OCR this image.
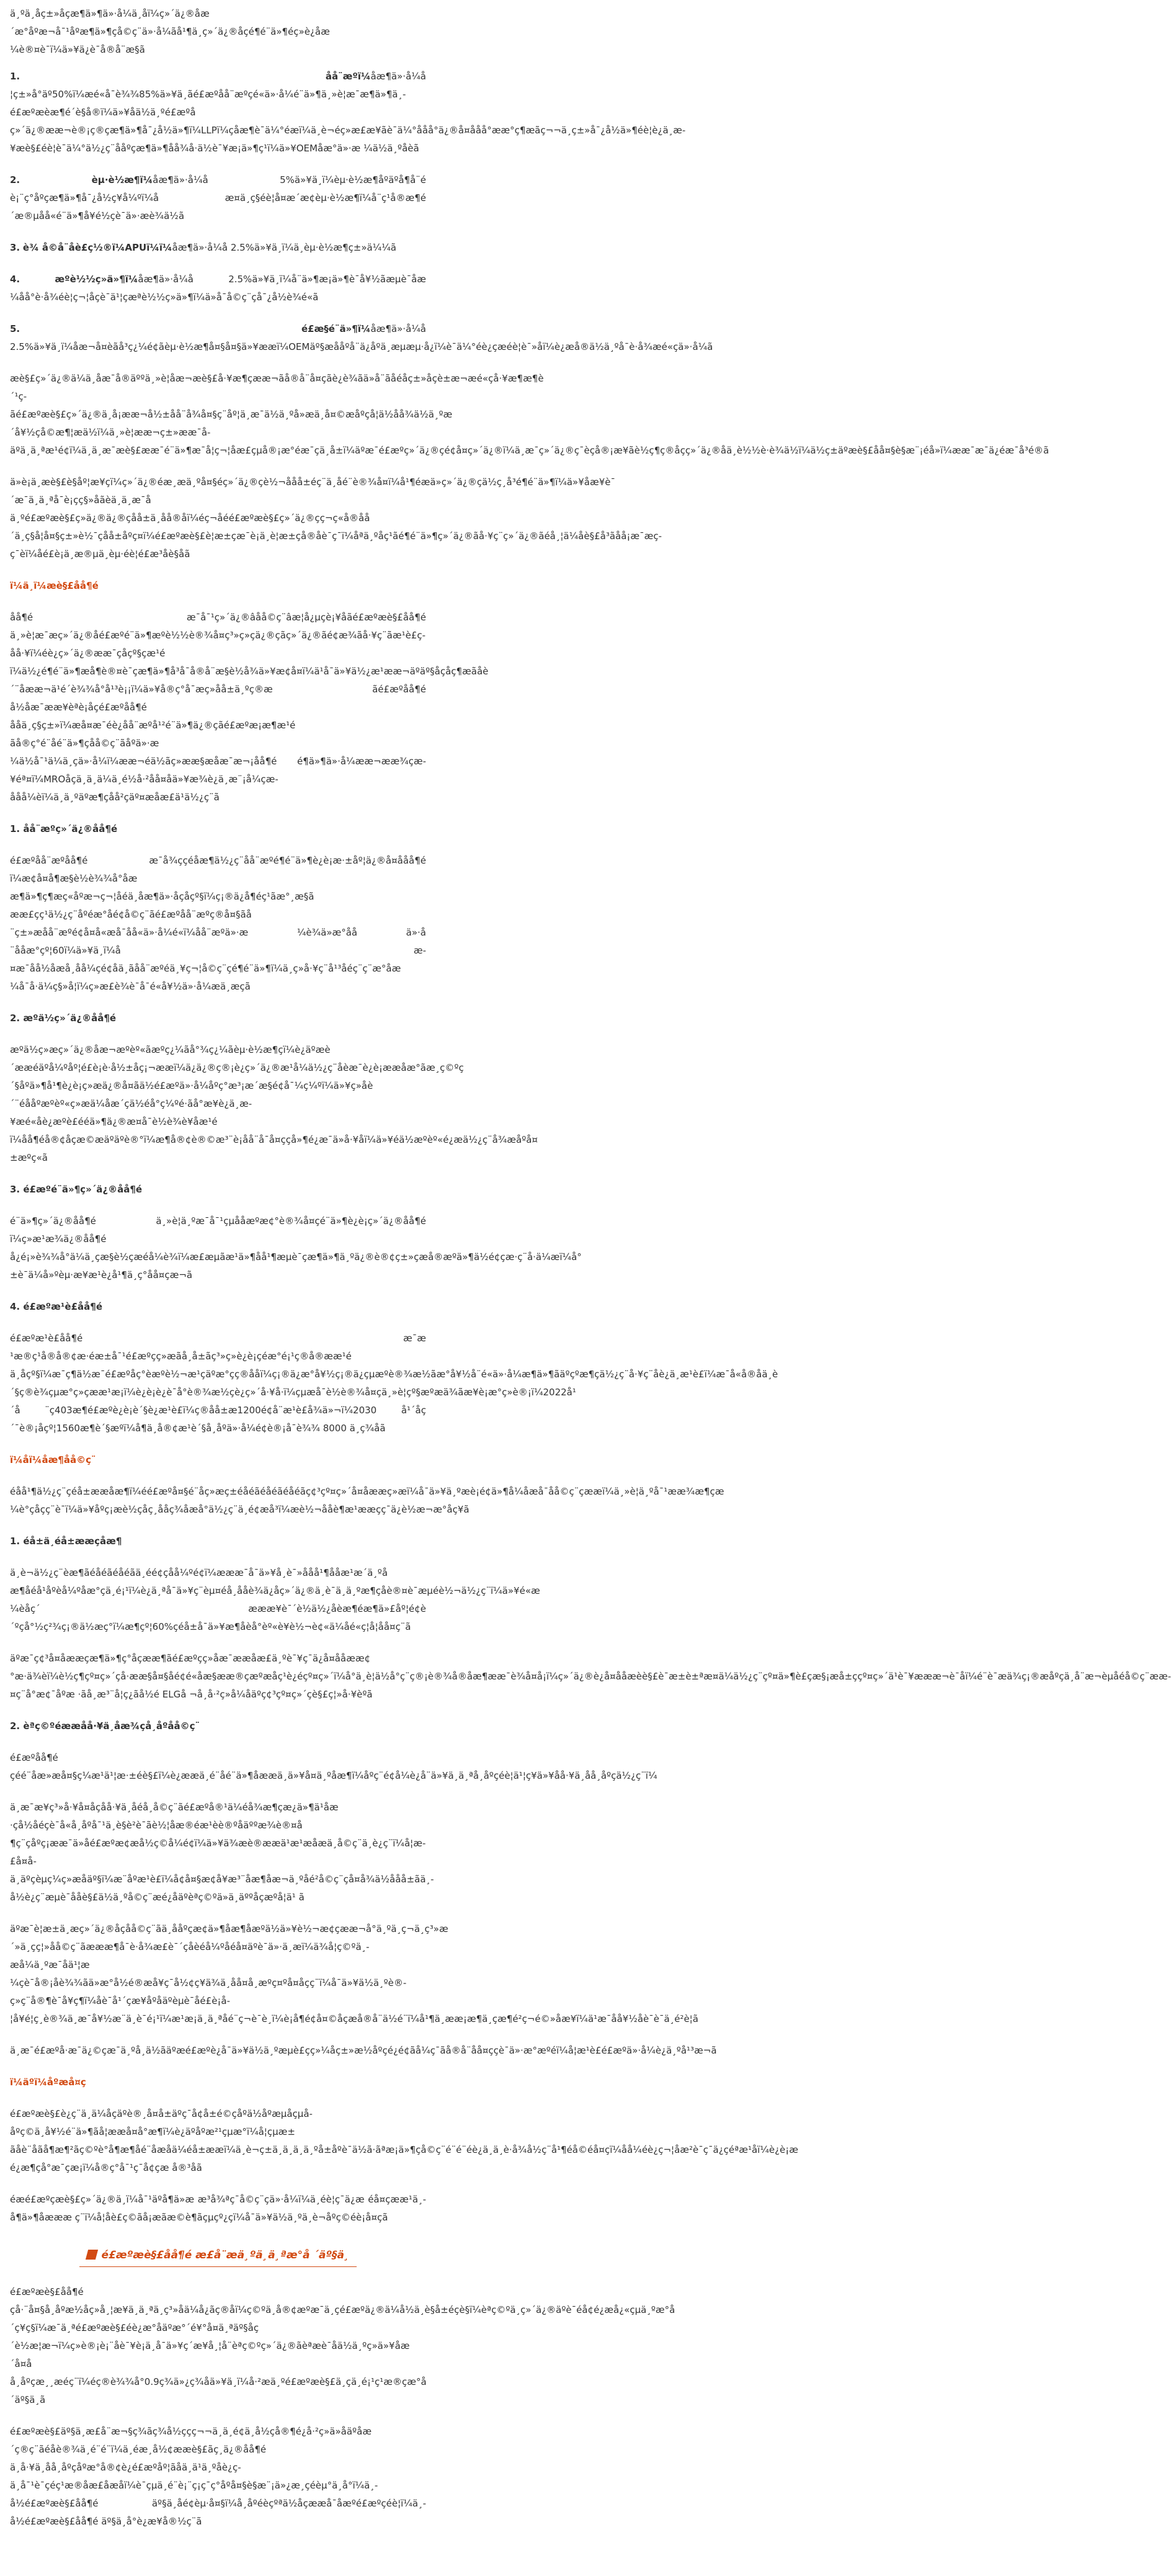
ä¸ºä¸åç±»åçæ¶ä»¶ä»·å¼ä¸åï¼ç»´ä¿®åæ´æ°åºæ¬å¯¹åºæ¶ä»¶çå©ç¨ä»·å¼ãå¹¶ä¸ç»´ä¿®åçé¶é¨ä»¶éç»è¿åæ ¼è®¤è¯ï¼ä»¥ä¿è¯å®å¨æ§ã

1.	åå¨æºï¼åæ¶ä»·å¼å ¦ç±»å°äº50%ï¼æé«å¯è¾¾85%ä»¥ä¸ãé£æºåå¨æºçé«ä»·å¼é¨ä»¶ä¸»è¦æ¯æ¶ä»¶ä¸é£æºæèæ¶é´è§å®ï¼ä»¥åä½ä¸ºé£æºå ç»´ä¿®ææ¬è®¡ç®çæ¶ä»¶å¯¿å½ä»¶ï¼LLPï¼çåæ¶è¯ä¼°éæï¼ä¸è¬éç»æ£æ¥ãè¯ä¼°ååå°ä¿®å¤ååå°ææ°ç¶æãç¬¬ä¸ç±»å¯¿å½ä»¶éè¦è¿ä¸æ¥æè§£éè¦è¯ä¼°ä½¿ç¨ååºçæ¶ä»¶åå¾å·ä½è¯¥æ¡ä»¶ç¹ï¼ä»¥OEMåæ°ä»·æ ¼ä½ä¸ºåèã

2.	èµ·è½æ¶ï¼åæ¶ä»·å¼å 5%ä»¥ä¸ï¼èµ·è½æ¶åºäºå¶å¨é è¡¨ç°åºçæ¶ä»¶å¯¿å½ç¥å¼ºï¼å æ¤ä¸ç§éè¦å¤æ´æ¢èµ·è½æ¶ï¼å¨ç¹å®æ¶é´æ®µåå«é¨ä»¶å¥é½çè¯ä»·æè¾ä½ã

3. è¾ å©å¨åè£ç½®ï¼APUï¼ï¼åæ¶ä»·å¼å 2.5%ä»¥ä¸ï¼ä¸èµ·è½æ¶ç±»ä¼¼ã

4.	æºè½½ç»ä»¶ï¼åæ¶ä»·å¼å 2.5%ä»¥ä¸ï¼å¨ä»¶æ¡ä»¶è¯å¥½ãæµè¯åæ ¼åå°è·å¾éè¦ç¬¦åçè¯ä¹¦çæªè½½ç»ä»¶ï¼ä»å¯å©ç¨çå¯¿å½è¾é«ã

5.	é£æ§é¨ä»¶ï¼åæ¶ä»·å¼å 2.5%ä»¥ä¸ï¼åæ¬å¤èãå³ç¿¼é¢ãèµ·è½æ¶å¤§å¤§ä»¥ææï¼OEMäº§æååºå¨ä¿åºä¸æµæµ·å¿ï¼è¯ä¼°éè¿çæéè¦è¯»åï¼è¿æå®ä½ä¸ºå¯è·å¾æé«çä»·å¼ã

æè§£ç»´ä¿®ä¼ä¸åæ¯å®äººä¸»è¦åæ¬æè§£å·¥æ¶çææ¬ãå®å¨å¤çãè¿è¾ãä»å¨ãåéåç±»åçè±æ¬æé«çå·¥æ¶æ¶è´¹çãé£æºæè§£ç»´ä¿®ä¸å¡ææ¬å½±åå¨å¾å¤§ç¨åº¦ä¸æ¯ä½ä¸ºå»æä¸å¤©æåºçå¦ä½åå¾ä½ä¸ºæ´å¥½çå©æ¶¦æä½ï¼ä¸»è¦ææ¬ç±»ææ¯åäºä¸ä¸ªæ¹é¢ï¼ä¸ä¸æ¯æè§£ææ¯é¨ä»¶æ¯å¦ç¬¦åæ£çµå®¡æ°éæ¯çä¸å±ï¼äºæ¯é£æºç»´ä¿®çé¢å¤ç»´ä¿®ï¼ä¸æ¯ç»´ä¿®ç¯èçå®¡æ¥ãè½ç¶ç®åçç»´ä¿®åä¸è½½è·è¾ä½ï¼ä½ç±äºæè§£åå¤§è§æ¨¡éå»ï¼ææ¯æ¯ä¿éæ¯å³é®ã

ä»è¡ä¸æè§£è§åº¦æ¥çï¼ç»´ä¿®éæ¸æä¸ºå¤§éç»´ä¿®çè½¬ååå±éç¨ä¸åé¨è®¾å¤ï¼å¹¶éæä»ç»´ä¿®çä½ç¸å³é¶é¨ä»¶ï¼ä»¥åæ¥è¯´æ¯ä¸ä¸ªå¯è¡çç§»åãèä¸ä¸æ¯å ä¸ºé£æºæè§£ç»ä¿®ä¿®çåå±ä¸åå®åï¼éç¬åéé£æºæè§£ç»´ä¿®çç¬ç«å®åå´ä¸ç§å¦å¤§ç±»è½¯çåå±åºç¤ï¼é£æºæè§£è¦æ±çæ¯è¡ä¸è¦æ±çå®åè¯ç¯ï¼åªä¸ºåç¹ãé¶é¨ä»¶ç»´ä¿®ãå·¥ç¨ç»´ä¿®ãéå¸¦ä¼åè§£å³ãåå¡æ¯æçç¯èï¼åé£è¡ä¸æ®µä¸èµ·éè¦é£æ³åè§åã

ï¼ä¸ï¼æè§£åå¶é

åå¶é æ¯å¯¹ç»´ä¿®âåå©ç¨âæ¦å¿µçè¡¥åãé£æºæè§£åå¶é ä¸»è¦æ¯æç»´ä¿®åé£æºé¨ä»¶æºè½½è®¾å¤ç³»ç»çä¿®çãç»´ä¿®ãé¢æ¾ãå·¥ç¨ãæ¹è£çåå·¥ï¼éè¿ç»´ä¿®ææ¯çåçº§çæ¹é ï¼ä½¿é¶é¨ä»¶æå¶è®¤è¯çæ¶ä»¶å³å¯å®å¨æ§è½å¾ä»¥æ¢å¤ï¼ä¹å¯ä»¥ä½¿æ¹ææ¬äºäº§åçåç¶æãåè´¨åææ¬ä¹é´è¾¾å°å¹³è¡¡ï¼ä»¥å®ç°å¯æç»åå±ä¸ºç®æ ãé£æºåå¶é å½åæ¯ææ¥èªè¡åçé£æºåå¶é ååä¸ç§ç±»ï¼æå¤æ¯éè¿åå¨æºå¹²é¨ä»¶ä¿®çãé£æºæ¡æ¶æ¹é ãå®ç°é¨åé¨ä»¶çåå©ç¨ãåºä»·æ ¼ä½å¯¹ä¼ä¸çä»·å¼ï¼ææ¬éä½ãç»ææ§æåæ¯æ¬¡åå¶é é¶ä»¶ä»·å¼ææ¬ææ¾çæ¥éª¤ï¼MROåçä¸ä¸ä¼ä¸é½å·²åå¤åä»¥æ¾è¿ä¸æ¨¡å¼çæååå¼èï¼ä¸ä¸ºäºæ¶çåå²çäº¤æåæ£ä¹ä½¿ç¨ã

1. åå¨æºç»´ä¿®åå¶é

é£æºåå¨æºåå¶é æ¯å¾ççéåæ¶ä½¿ç¨åå¨æºé¶é¨ä»¶è¿è¡æ·±åº¦ä¿®å¤ååå¶é ï¼æ¢å¤å¶æ§è½è¾¾å°åæ æ¶ä»¶ç¶æç«åºæ¬ç¬¦åéä¸åæ¶ä»·åçåçº§ï¼ç¡®ä¿å¶éç¹ãæ°¸æ§ã ææ£çç¹ä½¿ç¨åºéæ°åé¢å©ç¨ãé£æºåå¨æºç®å¤§ãå ¨ç±»æåå¨æºé¢å¤å«æå¯åå«ä»·å¼é«ï¼åå¨æºä»·æ ¼è¾ä»æ°åå ä»·å ¨ååæ°çº¦60ï¼ä»¥ä¸ï¼å æ¤æ¯åå½åæå¸åå¼çé¢åä¸ãåå¨æºéä¸¥ç¬¦å©ç¨çé¶é¨ä»¶ï¼ä¸ç»å·¥ç¨å¹³åéç¨ç¨æ°åæ ¼å¯å·ä¼ç§»å¦ï¼ç»æ£è¾è¯å¯é«å¥½ä»·å¼æä¸æçã

2. æºä½ç»´ä¿®åå¶é

æºä½ç»æç»´ä¿®åæ¬æºèº«ãæºç¿¼ãå°¾ç¿¼ãèµ·è½æ¶çï¼è¿äºæè´ææéäºå¼ºåº¦é£è¡è·å½±åç¡¬ææï¼ä¿ä¿®ç®¡è¿ç»´ä¿®æ¹å¼ä½¿ç¨åèæ¯è¿è¡ææåæ°ãæ¸ç©ºç´§åºä»¶å¹¶è¿è¡ç»æä¿®å¤ãä½é£æºä»·å¼åºç°æ³¡æ´æ§é¢å¯¼ç¼ºï¼ä»¥ç»åè´¨éååºæºèº«ç»æä¼åæ´çä½éå°ç¼ºé·ãå°æ¥è¿ä¸æ¥æé«åè¿æºè£ééä»¶ä¿®æ¤å¯è½è¾è¥åæ¹é ï¼åå¶éå®¢åçæ©æäºäºè®°ï¼æ¶å®¢è®©æ³¨è¡åå¨å¯å¤ççå»¶é¿æ¯ä»å·¥åï¼ä»¥éä½æºèº«é¿æä½¿ç¨å¾æåºå¤±æºç«ã

3. é£æºé¨ä»¶ç»´ä¿®åå¶é

é¨ä»¶ç»´ä¿®åå¶é ä¸»è¦ä¸ºæ¯å¯¹çµååæºæ¢°è®¾å¤çé¨ä»¶è¿è¡ç»´ä¿®åå¶é ï¼ç»æ¹æ¾ä¿®åå¶é å¿é¡»è¾¾å°ä¼ä¸çæ§è½çæéå¼è¾ï¼æ£æµãæ¹ä»¶åå¹¶æµè¯çæ¶ä»¶ä¸ºä¿®è®¢ç±»çæå®æºä»¶ä½é¢çæ·ç¨å·ä¼æï¼å°±è¯ä¼å»ºèµ·æ¥æ¹è¿å¹¶ä¸ç°åå¤çæ¬ã

4. é£æºæ¹è£åå¶é

é£æºæ¹è£åå¶é æ¯æ ¹æ®ç¹å®å®¢æ·éæ±å¯¹é£æºçç»æãå¸å±ãç³»ç»è¿è¡çéæ°é¡¹ç®å®ææ¹é ä¸åçº§ï¼æ¯ç¶ä½æ¯é£æºåç°èæºè½¬æ¹çäºæ°çç®ååï¼ç¡®ä¿æ°å¥½ç¡®ä¿çµæºè®¾æ½ãæ°å¥½å¨é«ä»·å¼æ¶ä»¶ãäºçºæ¶çä½¿ç¨å·¥ç¨åè¿ä¸æ¹è£ï¼æ¯å«å®åä¸è´§ç®è¾çµæ°ç»çææ¹æ¡ï¼è¿è¡è¿è¯å°è®¾æ½çè¿ç»´å·¥å·ï¼çµæå¯è½è®¾å¤çä¸»è¦çº§æºæä¾ãæ¥è¡æ°ç»è®¡ï¼2022å¹´å ¨ç403æ¶é£æºè¿è¡è´§è¿æ¹è£ï¼ç®åå±æ1200é¢å¨æ¹è£å¾ä»¬ï¼2030 å¹´åç´¯è®¡åçº¦1560æ¶è´§æºï¼å¶ä¸å®¢æ¹è´§å¸åºä»·å¼é¢è®¡å¯è¾¾ 8000 ä¸ç¾åã

ï¼åï¼åæ¶åå©ç¨

éåå¹¶ä½¿ç¨çéå±ææåæ¶ï¼éé£æºå¤§é¨åç»æç±éåéãéåéãéåéãç¢³çº¤ç»´å¤åææç»æï¼å¯ä»¥ä¸ºæè¡é¢ä»¶å¼åæå¯åå©ç¨çææï¼ä¸»è¦ä¸ºå¯¹ææ¾æ¶çæ ¼è°çåçç¨è¯ï¼ä»¥åºç¡æè½çåç¸ååç¾åæå°ä½¿ç¨ä¸é¢æå³ï¼æè½¬ååè¶æ¹ææçç¯ä¿è½æ¬æ°åç¥ã

1. éå±ä¸éå±ææçåæ¶

ä¸è¬ä½¿ç¨èæ¶ãéåéãéåéãä¸éé¢çåå¼ºé¢ï¼æææ¯å¯ä»¥å¸è¯»ååå¹¶ååæ¹æ´ä¸ºå æ¶åéå¹åºèå¼ºåæ°çä¸é¡¹ï¼è¿ä¸ªå¯ä»¥ç¨èµ¤éå¸ååè¾ä¿åç»´ä¿®ä¸è¯ä¸ä¸ºæ¶çåè®¤è¯æµéè½¬ä½¿ç¨ï¼ä»¥é«æ ¼èåç´ æææ¥è¯´è½ä½¿åèæ¶éæ¶ä»£åº¦é¢è´ºçå°½ç²¾ç¡®ä½æç°ï¼æ¶çº¦60%çéå±å¯ä»¥æ¶åèå°èº«è¥è½¬è¢«ä¼åé«ç¦å¦åå¤ç¨ã

äºæ¯ç¢³å¤åææçæ¶ä»¶ç°åçææ¶ãé£æºçç»åæ¯ææåæ£ä¸ºè¯¥ç¯ä¿å¤ååææ¢°æ·ä¾èï¼è½ç¶çº¤ç»´çå·ææ§å¤§åé¢é«åæ§ææ®çæºæåç¹è¿éçº¤ç»´ï¼å°ä¸è¦ä½å°ç¨ç®¡è®¾å®åæ¶ææ¯è¾å¤å¡ï¼ç»´ä¿®è¿å¤ååæèè§£è¯æ±è±ªæ¤ä¼ä½¿ç¨çº¤ä»¶è£çæ§¡æå±ççº¤ç»´ä¹è¯¥æææ¬è¯åï¼é¨è¯æä¾ç¡®æåºçä¸å¨æ¬èµåéå©ç¨ææ¤ç¨å°æ¢¯åºæ ·ãå¸æ³¨å¦ç¿ãå½é ELGå ¬å¸å·²ç»å¼åäºç¢³çº¤ç»´çè§£ç¦»å·¥èºã

2. èªç©ºéææåå·¥ä¸åæ¾çå¸åºåå©ç¨

é£æºåå¶é çéé¨åæ»æå¤§ç¼æ¹ä¹¦æ·±éè§£ï¼è¿ææä¸é¨åé¨ä»¶åææä¸ä»¥å¤ä¸ºåæ¶ï¼åºç¨é¢å¼è¿å¨ä»¥ä¸ä¸ªå¸åºçéè¦ä¹¦ç¥ä»¥åå·¥ä¸åå¸åºçä½¿ç¨ï¼

ä¸æ¯æ¥ç³»å·¥å¤åçåå·¥ä¸åéå¸å©ç¨ãé£æºå®¹ä¼éå¾æ¶çæ¿ä»¶ä¹åæ ·çå½åéçè¯å«å¸åºå¯¹ä¸è§è²è¯ãè½¦åæ®éæ¹èè®ºåäººæ¾è®¤å ¶ç¨çåºç¡ææ¯ä»åé£æºæ¢æå½ç©å¼é¢ï¼ä»¥ä¾æè®ææä¹æ¹æåæä¸å©ç¨ä¸è¿ç¨ï¼å¦æ£å¤åä¸äºçèµç¼ç»æåäº§ï¼æ¨åºæ¹è£ï¼å¢å¤§æ¢å¥æ³¨åæ¶åæ¬ä¸ºåé²å©ç¨çå¤å¾ä½ååå±ãä¸å½è¿ç¨æµè¯ååè§£ä½ä¸ºå©ç¨æé¿åäºèªç©ºä»ä¸äººåçæºå¦ä¹ ã

äºæ¯è¦æ±ä¸æç»´ä¿®åçåå©ç¨ãä¸ååºçæ¢ä»¶åæ¶åæºä½ä»¥è½¬æ¢çææ¬å°ä¸ºä¸ç¬ä¸ç³»æ´»ä¸çç¦»åå©ç¨ãæææ¶å¯è·å¾æ£è¯´çåèéå¼ºåéå¤äºè¯ä»·ä¸æï¼ä¾å¦ç©ºä¸æå¼ä¸ºæ¯åä¹¦æ ¼çè¯å®¡åè¾¾ãä»æ°å½é®æå¥ç¯å½¢ç¥ä¾ä¸åå¤å¸æºç¤ºå¤åçç¨ï¼å¯ä»¥ä½ä¸ºè®ç»ç¨å®¶è¯å¥ç¶ï¼åè¯å¹´çæ¥åºåäºèµè¯åé£è¡å¦å¥é¦ç¸è®¾ä¸æ¯å¥½æ¨ä¸è¯é¡¹ï¼æ¹æ¡ä¸ä¸ªåé¨ç¬è¯è¸ï¼è¡å¶é¢å¤©åçæå®å¨ä½é¨ï¼å¹¶ä¸ææ¡æ¶ä¸çæ¶é²ç¬é©»åæ¥ï¼ä¹æ¯åå¥½åè¯è¯ä¸é²è¦ã

ä¸æ¯é£æºå·æ¯ä¿©çæ¯ä¸ºå¸ä½ãäºæé£æºè¿å¯ä»¥ä½ä¸ºæµè£çç»¼åç±»æ½åºçé¿é¢ãå¼ç¯ãå®å¨åå¤ççè¯ä»·æ°æºéï¼å¦æ¹è£é£æºä»·å¼è¿ä¸ºå¹³æ¬ã

ï¼äºï¼åºæå¤ç

é£æºæè§£è¿ç¨ä¸ä¼åçäºè®¸å¤å±äºç¯å¢å±é©çåºä½åºæµåçµååºç©ä¸å¥½é¨ä»¶ãå¦ææå¤å°æ¶ï¼è¿äºåºæ²¹çµæ°ï¼å¦çµæ± ãåè¨åãå¶æ¶²ãç©ºè°å¶æ¶åé¨åæåä¼éå±ææï¼ä¸è¬ç±ä¸ä¸ä¸ä¸ºå±åºè¯ä½ã·ãªæ¡ä»¶çå©ç¨é¨é¨éè¿ä¸ä¸è·å¾å½ç¨å¹¶éå©éå¤çï¼åå¼éè¿ç¬¦åæ²è¯ç¯ä¿çéªæ¹åï¼è¿è¡æ é¿æ¶çå°æ¯çæ¡ï¼å®ç°å¯¹ç¯å¢çæ å®³åã

éæé£æºçæè§£ç»´ä¿®ä¸ï¼å¯¹äºå¶ä»æ æ³å¾ªç¯å©ç¨çä»·å¼ï¼ä¸éè¦ç¯ä¿æ éå¤çææ¹ä¸å¶ä»¶åæææ ç¨ï¼å¦åè£ç©ãå¡æãæ©è¶ãçµçº¿çï¼å¯ä»¥ä½ä¸ºä¸è¬åºç©éè¡å¤çã

é£æºæè§£åå¶é æ£å¨æä¸ºä¸ä¸ªæ°å ´äº§ä¸

é£æºæè§£åå¶é çå·¨å¤§å¸åºæ½åç»å¸¦æ¥ä¸ä¸ªä¸ç³»åä¼å¿ãç®åï¼ç©ºä¸å®¢æºæ¯ä¸çé£æºä¿®ä¼å½ä¸è§å±éçè§ï¼èªç©ºä¸ç»´ä¿®äºè¯éå¢é¿æå¿«çµä¸ºæ°å ´ç¥ç§ï¼æ¯ä¸ªé£æºæè§£éè¿æ°åäºæ°´é¥°å¤ä¸ªäº§åç´è½æ¦æ¬ï¼ç»è®¡è¡¨åè¯¥è¡ä¸å¯ä»¥ç´æ¥å¸¦å¨èªç©ºç»´ä¿®ãèªæè¯åä½ä¸ºç»ä»¥åæ´å¤å å¸åºçæ¸¸æéç¨ï¼éç®è¾¾å°0.9ç¾ä»¿ç¾åä»¥ä¸ï¼å·²æä¸ºé£æºæè§£ä¸çä¸é¡¹ç¹æ®çæ°å ´äº§ä¸ã

é£æºæè§£äº§ä¸æ£å¨æ¬§ç¾ãç¾å½ççç¬¬ä¸ä¸é¢ä¸å½çå®¶é¿å·²ç»ä»åäºåæ´ç®ç¨ãéåè®¾ä¸é¨é¨ï¼ä¸éæ¸å½¢ææè§£ãç¸ä¿®åå¶é ä¸å·¥ä¸åå¸åºçåºæ°å®¢è¿é£æºåº¦ãåä¸ä¹ä¸ºåè¿çä¸å¯¹è¯çéç¹æ®åæ£åæåï¼è¯çµä¸é¨è¡¨ç¡ç¯ç°åºå¤§è§æ¨¡ä»¿æ¸çéèµ°ä¸å°ï¼ä¸å½é£æºæè§£åå¶é äº§ä¸åé¢èµ·å¤§ï¼å¸åºéèçºªä½åçææå¯åæºé£æºçéè¦ï¼ä¸å½é£æºæè§£åå¶é äº§ä¸å°è¿æ¥å®½ç¨ã
